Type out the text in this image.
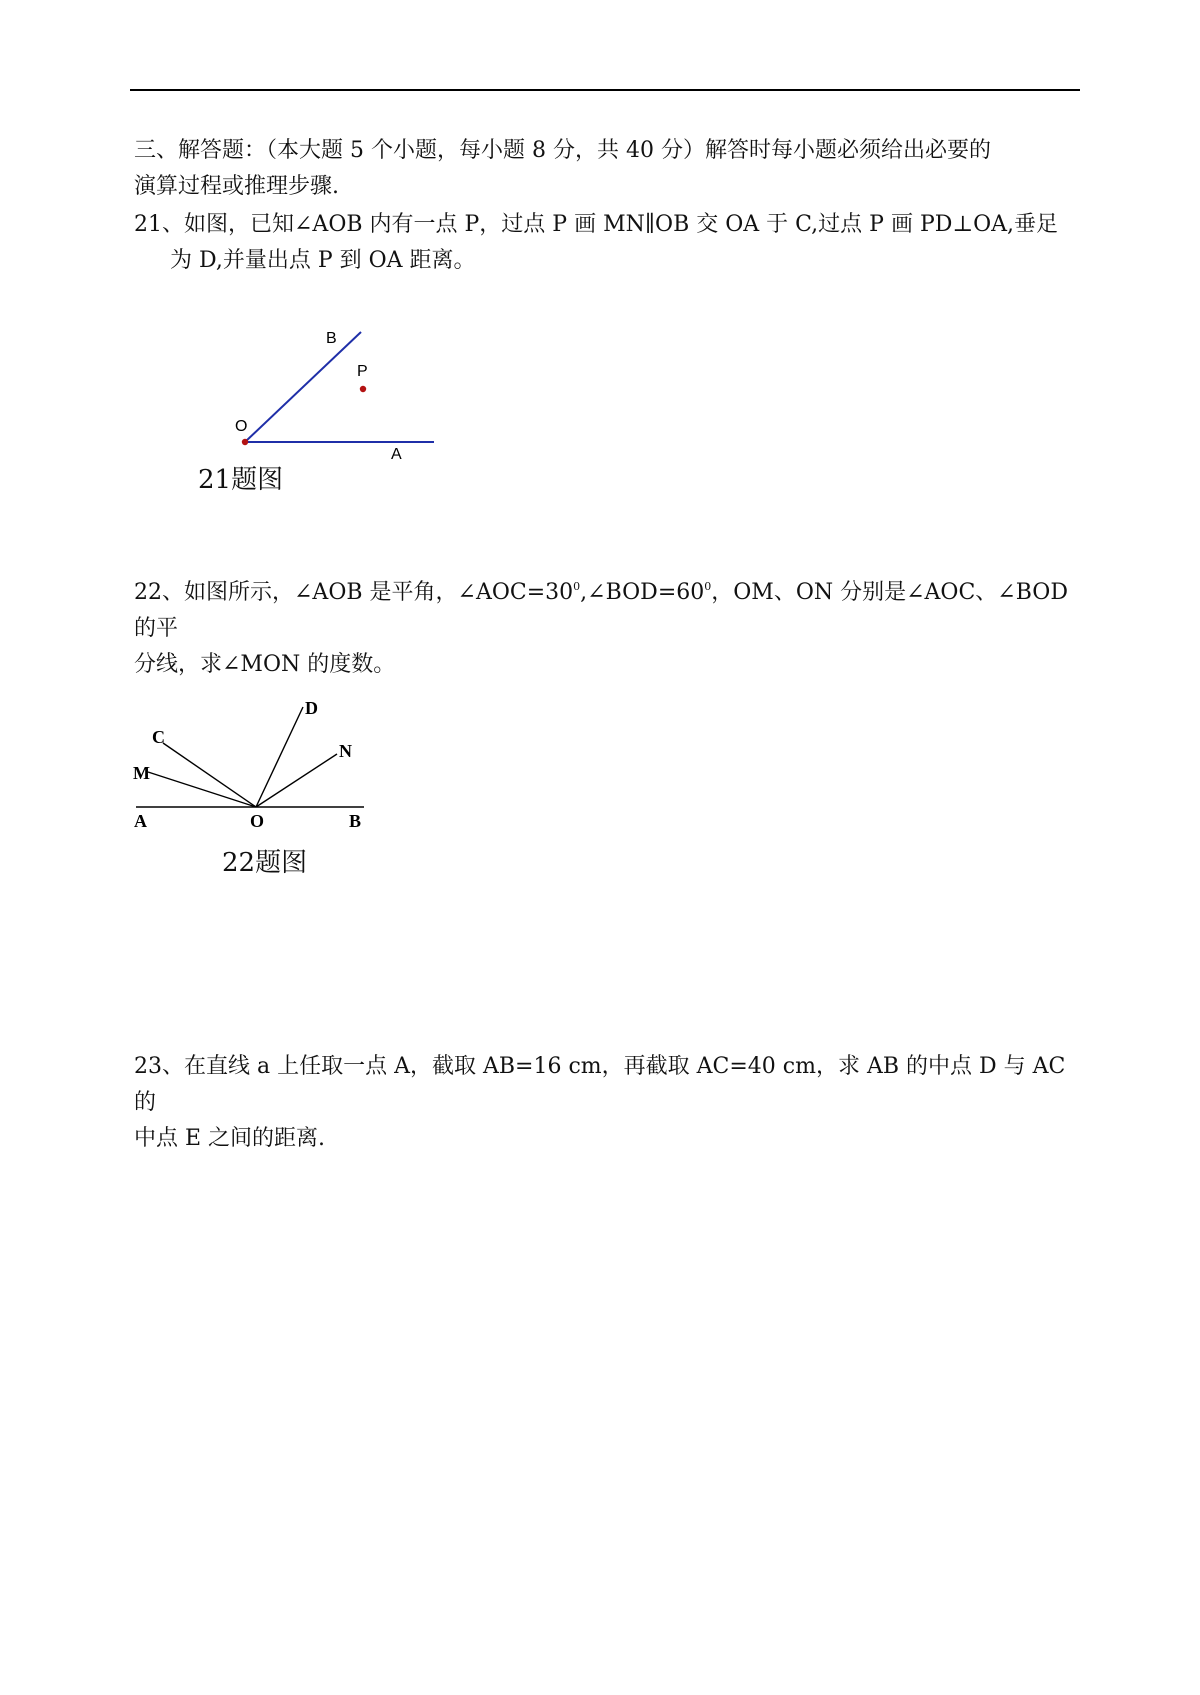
三、解答题：（本大题 5 个小题，每小题 8 分，共 40 分）解答时每小题必须给出必要的
演算过程或推理步骤.
21、如图，已知∠AOB 内有一点 P，过点 P 画 MN∥OB 交 OA 于 C,过点 P 画 PD⊥OA,垂足
为 D,并量出点 P 到 OA 距离。
B
P
O
A
21题图
22、如图所示，∠AOB 是平角，$\angle AOC=30^0,\angle BOD=60^0$，OM、ON 分别是∠AOC、∠BOD 的平
分线，求∠MON 的度数。
C
D
N
M
A	O	B
22题图
23、在直线 a 上任取一点 A，截取 AB=16 cm，再截取 AC=40 cm，求 AB 的中点 D 与 AC 的
中点 E 之间的距离.
